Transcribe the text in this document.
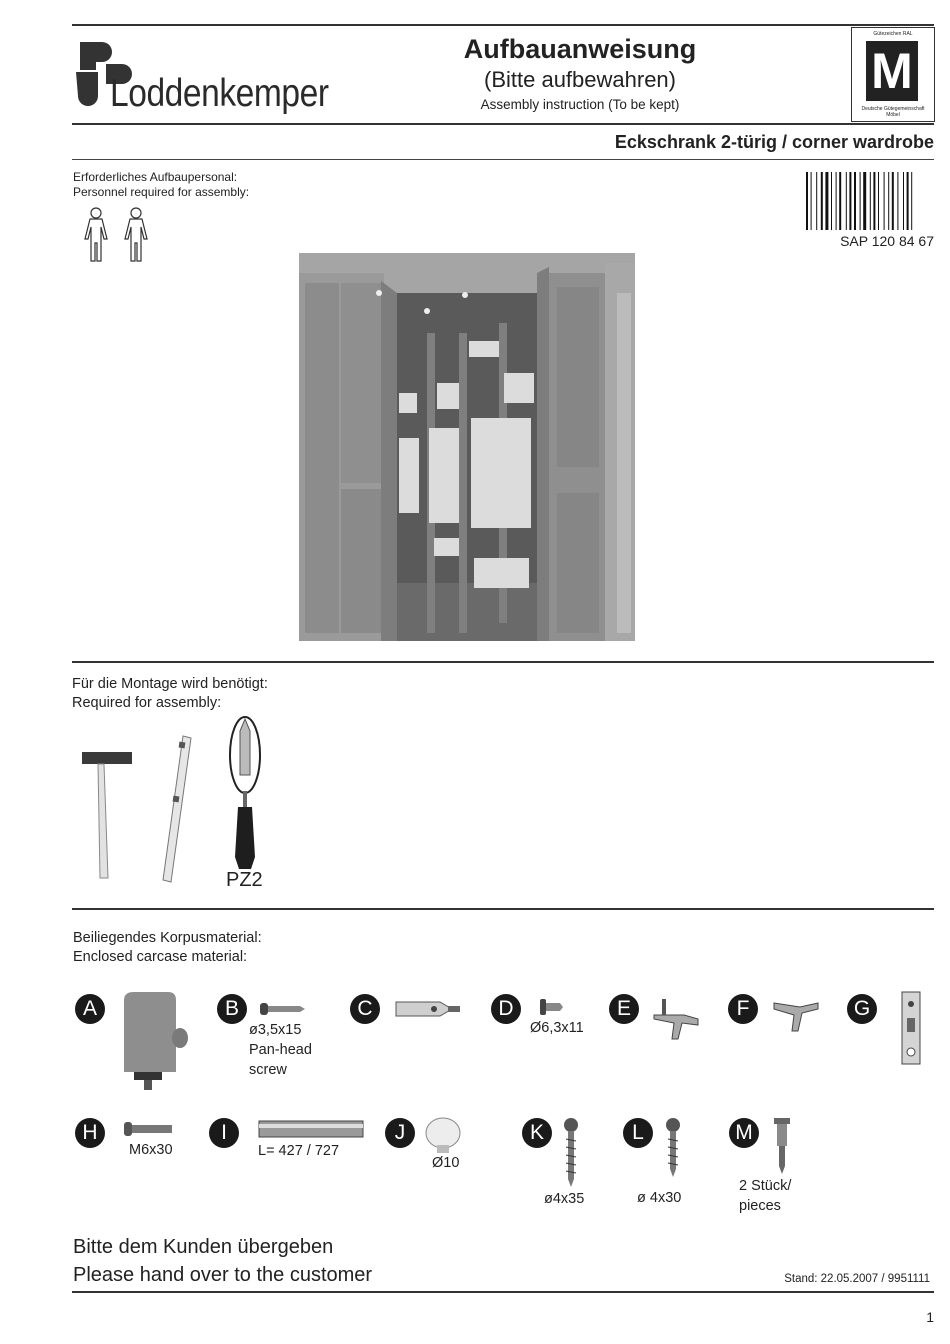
Loddenkemper
Aufbauanweisung
(Bitte aufbewahren)
Assembly instruction (To be kept)
Gütezeichen RAL
M
Deutsche Gütegemeinschaft Möbel
Eckschrank 2-türig / corner wardrobe
Erforderliches Aufbaupersonal:
Personnel required for assembly:
SAP 120 84 67
Für die Montage wird benötigt:
Required for assembly:
PZ2
Beiliegendes Korpusmaterial:
Enclosed carcase material:
A	B
ø3,5x15
Pan-head
screw
C	D
Ø6,3x11
E	F	G
H
M6x30
I
L= 427 / 727
J
Ø10
K
ø4x35
L
ø 4x30
M
2 Stück/
pieces
Bitte dem Kunden übergeben
Please hand over to the customer	Stand: 22.05.2007 / 9951111
1
